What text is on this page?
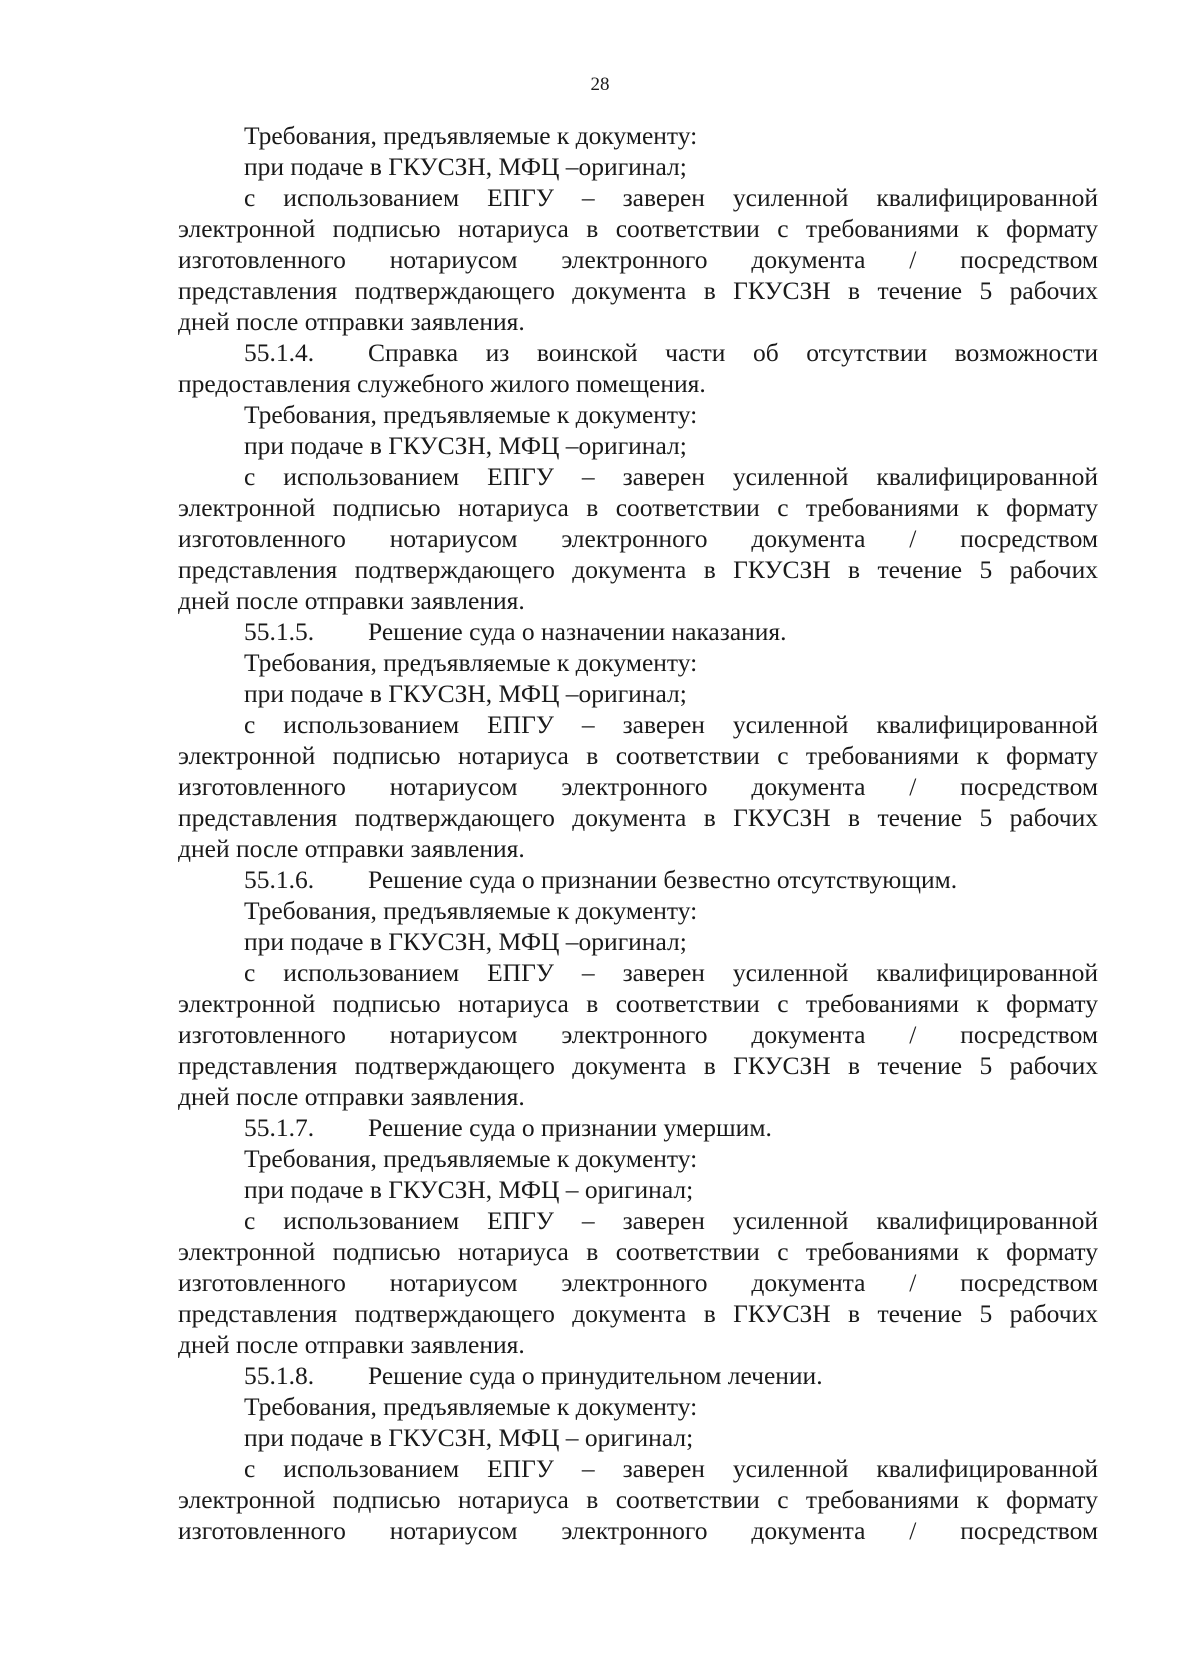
28
Требования, предъявляемые к документу:
при подаче в ГКУСЗН, МФЦ –оригинал;
с использованием ЕПГУ – заверен усиленной квалифицированной
электронной подписью нотариуса в соответствии с требованиями к формату
изготовленного нотариусом электронного документа / посредством
представления подтверждающего документа в ГКУСЗН в течение 5 рабочих
дней после отправки заявления.
55.1.4. Справка из воинской части об отсутствии возможности
предоставления служебного жилого помещения.
Требования, предъявляемые к документу:
при подаче в ГКУСЗН, МФЦ –оригинал;
с использованием ЕПГУ – заверен усиленной квалифицированной
электронной подписью нотариуса в соответствии с требованиями к формату
изготовленного нотариусом электронного документа / посредством
представления подтверждающего документа в ГКУСЗН в течение 5 рабочих
дней после отправки заявления.
55.1.5. Решение суда о назначении наказания.
Требования, предъявляемые к документу:
при подаче в ГКУСЗН, МФЦ –оригинал;
с использованием ЕПГУ – заверен усиленной квалифицированной
электронной подписью нотариуса в соответствии с требованиями к формату
изготовленного нотариусом электронного документа / посредством
представления подтверждающего документа в ГКУСЗН в течение 5 рабочих
дней после отправки заявления.
55.1.6. Решение суда о признании безвестно отсутствующим.
Требования, предъявляемые к документу:
при подаче в ГКУСЗН, МФЦ –оригинал;
с использованием ЕПГУ – заверен усиленной квалифицированной
электронной подписью нотариуса в соответствии с требованиями к формату
изготовленного нотариусом электронного документа / посредством
представления подтверждающего документа в ГКУСЗН в течение 5 рабочих
дней после отправки заявления.
55.1.7. Решение суда о признании умершим.
Требования, предъявляемые к документу:
при подаче в ГКУСЗН, МФЦ – оригинал;
с использованием ЕПГУ – заверен усиленной квалифицированной
электронной подписью нотариуса в соответствии с требованиями к формату
изготовленного нотариусом электронного документа / посредством
представления подтверждающего документа в ГКУСЗН в течение 5 рабочих
дней после отправки заявления.
55.1.8. Решение суда о принудительном лечении.
Требования, предъявляемые к документу:
при подаче в ГКУСЗН, МФЦ – оригинал;
с использованием ЕПГУ – заверен усиленной квалифицированной
электронной подписью нотариуса в соответствии с требованиями к формату
изготовленного нотариусом электронного документа / посредством
